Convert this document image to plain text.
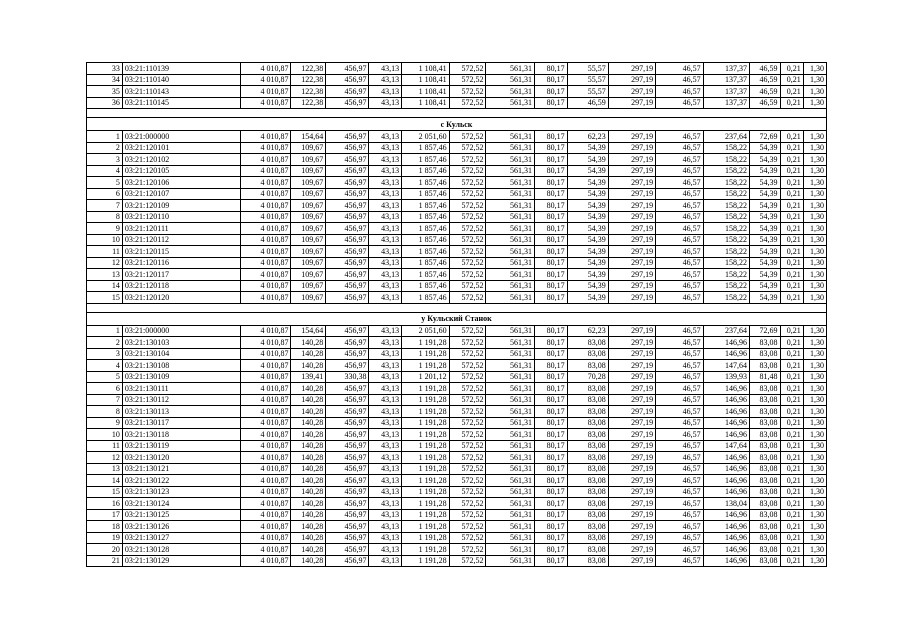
33	03:21:110139	4 010,87	122,38	456,97	43,13	1 108,41	572,52	561,31	80,17	55,57	297,19	46,57	137,37	46,59	0,21	1,30
34	03:21:110140	4 010,87	122,38	456,97	43,13	1 108,41	572,52	561,31	80,17	55,57	297,19	46,57	137,37	46,59	0,21	1,30
35	03:21:110143	4 010,87	122,38	456,97	43,13	1 108,41	572,52	561,31	80,17	55,57	297,19	46,57	137,37	46,59	0,21	1,30
36	03:21:110145	4 010,87	122,38	456,97	43,13	1 108,41	572,52	561,31	80,17	46,59	297,19	46,57	137,37	46,59	0,21	1,30

с Кульск																
1	03:21:000000	4 010,87	154,64	456,97	43,13	2 051,60	572,52	561,31	80,17	62,23	297,19	46,57	237,64	72,69	0,21	1,30
2	03:21:120101	4 010,87	109,67	456,97	43,13	1 857,46	572,52	561,31	80,17	54,39	297,19	46,57	158,22	54,39	0,21	1,30
3	03:21:120102	4 010,87	109,67	456,97	43,13	1 857,46	572,52	561,31	80,17	54,39	297,19	46,57	158,22	54,39	0,21	1,30
4	03:21:120105	4 010,87	109,67	456,97	43,13	1 857,46	572,52	561,31	80,17	54,39	297,19	46,57	158,22	54,39	0,21	1,30
5	03:21:120106	4 010,87	109,67	456,97	43,13	1 857,46	572,52	561,31	80,17	54,39	297,19	46,57	158,22	54,39	0,21	1,30
6	03:21:120107	4 010,87	109,67	456,97	43,13	1 857,46	572,52	561,31	80,17	54,39	297,19	46,57	158,22	54,39	0,21	1,30
7	03:21:120109	4 010,87	109,67	456,97	43,13	1 857,46	572,52	561,31	80,17	54,39	297,19	46,57	158,22	54,39	0,21	1,30
8	03:21:120110	4 010,87	109,67	456,97	43,13	1 857,46	572,52	561,31	80,17	54,39	297,19	46,57	158,22	54,39	0,21	1,30
9	03:21:120111	4 010,87	109,67	456,97	43,13	1 857,46	572,52	561,31	80,17	54,39	297,19	46,57	158,22	54,39	0,21	1,30
10	03:21:120112	4 010,87	109,67	456,97	43,13	1 857,46	572,52	561,31	80,17	54,39	297,19	46,57	158,22	54,39	0,21	1,30
11	03:21:120115	4 010,87	109,67	456,97	43,13	1 857,46	572,52	561,31	80,17	54,39	297,19	46,57	158,22	54,39	0,21	1,30
12	03:21:120116	4 010,87	109,67	456,97	43,13	1 857,46	572,52	561,31	80,17	54,39	297,19	46,57	158,22	54,39	0,21	1,30
13	03:21:120117	4 010,87	109,67	456,97	43,13	1 857,46	572,52	561,31	80,17	54,39	297,19	46,57	158,22	54,39	0,21	1,30
14	03:21:120118	4 010,87	109,67	456,97	43,13	1 857,46	572,52	561,31	80,17	54,39	297,19	46,57	158,22	54,39	0,21	1,30
15	03:21:120120	4 010,87	109,67	456,97	43,13	1 857,46	572,52	561,31	80,17	54,39	297,19	46,57	158,22	54,39	0,21	1,30

у Кульский Станок																
1	03:21:000000	4 010,87	154,64	456,97	43,13	2 051,60	572,52	561,31	80,17	62,23	297,19	46,57	237,64	72,69	0,21	1,30
2	03:21:130103	4 010,87	140,28	456,97	43,13	1 191,28	572,52	561,31	80,17	83,08	297,19	46,57	146,96	83,08	0,21	1,30
3	03:21:130104	4 010,87	140,28	456,97	43,13	1 191,28	572,52	561,31	80,17	83,08	297,19	46,57	146,96	83,08	0,21	1,30
4	03:21:130108	4 010,87	140,28	456,97	43,13	1 191,28	572,52	561,31	80,17	83,08	297,19	46,57	147,64	83,08	0,21	1,30
5	03:21:130109	4 010,87	139,41	330,38	43,13	1 201,12	572,52	561,31	80,17	70,28	297,19	46,57	139,93	81,48	0,21	1,30
6	03:21:130111	4 010,87	140,28	456,97	43,13	1 191,28	572,52	561,31	80,17	83,08	297,19	46,57	146,96	83,08	0,21	1,30
7	03:21:130112	4 010,87	140,28	456,97	43,13	1 191,28	572,52	561,31	80,17	83,08	297,19	46,57	146,96	83,08	0,21	1,30
8	03:21:130113	4 010,87	140,28	456,97	43,13	1 191,28	572,52	561,31	80,17	83,08	297,19	46,57	146,96	83,08	0,21	1,30
9	03:21:130117	4 010,87	140,28	456,97	43,13	1 191,28	572,52	561,31	80,17	83,08	297,19	46,57	146,96	83,08	0,21	1,30
10	03:21:130118	4 010,87	140,28	456,97	43,13	1 191,28	572,52	561,31	80,17	83,08	297,19	46,57	146,96	83,08	0,21	1,30
11	03:21:130119	4 010,87	140,28	456,97	43,13	1 191,28	572,52	561,31	80,17	83,08	297,19	46,57	147,64	83,08	0,21	1,30
12	03:21:130120	4 010,87	140,28	456,97	43,13	1 191,28	572,52	561,31	80,17	83,08	297,19	46,57	146,96	83,08	0,21	1,30
13	03:21:130121	4 010,87	140,28	456,97	43,13	1 191,28	572,52	561,31	80,17	83,08	297,19	46,57	146,96	83,08	0,21	1,30
14	03:21:130122	4 010,87	140,28	456,97	43,13	1 191,28	572,52	561,31	80,17	83,08	297,19	46,57	146,96	83,08	0,21	1,30
15	03:21:130123	4 010,87	140,28	456,97	43,13	1 191,28	572,52	561,31	80,17	83,08	297,19	46,57	146,96	83,08	0,21	1,30
16	03:21:130124	4 010,87	140,28	456,97	43,13	1 191,28	572,52	561,31	80,17	83,08	297,19	46,57	138,04	83,08	0,21	1,30
17	03:21:130125	4 010,87	140,28	456,97	43,13	1 191,28	572,52	561,31	80,17	83,08	297,19	46,57	146,96	83,08	0,21	1,30
18	03:21:130126	4 010,87	140,28	456,97	43,13	1 191,28	572,52	561,31	80,17	83,08	297,19	46,57	146,96	83,08	0,21	1,30
19	03:21:130127	4 010,87	140,28	456,97	43,13	1 191,28	572,52	561,31	80,17	83,08	297,19	46,57	146,96	83,08	0,21	1,30
20	03:21:130128	4 010,87	140,28	456,97	43,13	1 191,28	572,52	561,31	80,17	83,08	297,19	46,57	146,96	83,08	0,21	1,30
21	03:21:130129	4 010,87	140,28	456,97	43,13	1 191,28	572,52	561,31	80,17	83,08	297,19	46,57	146,96	83,08	0,21	1,30
